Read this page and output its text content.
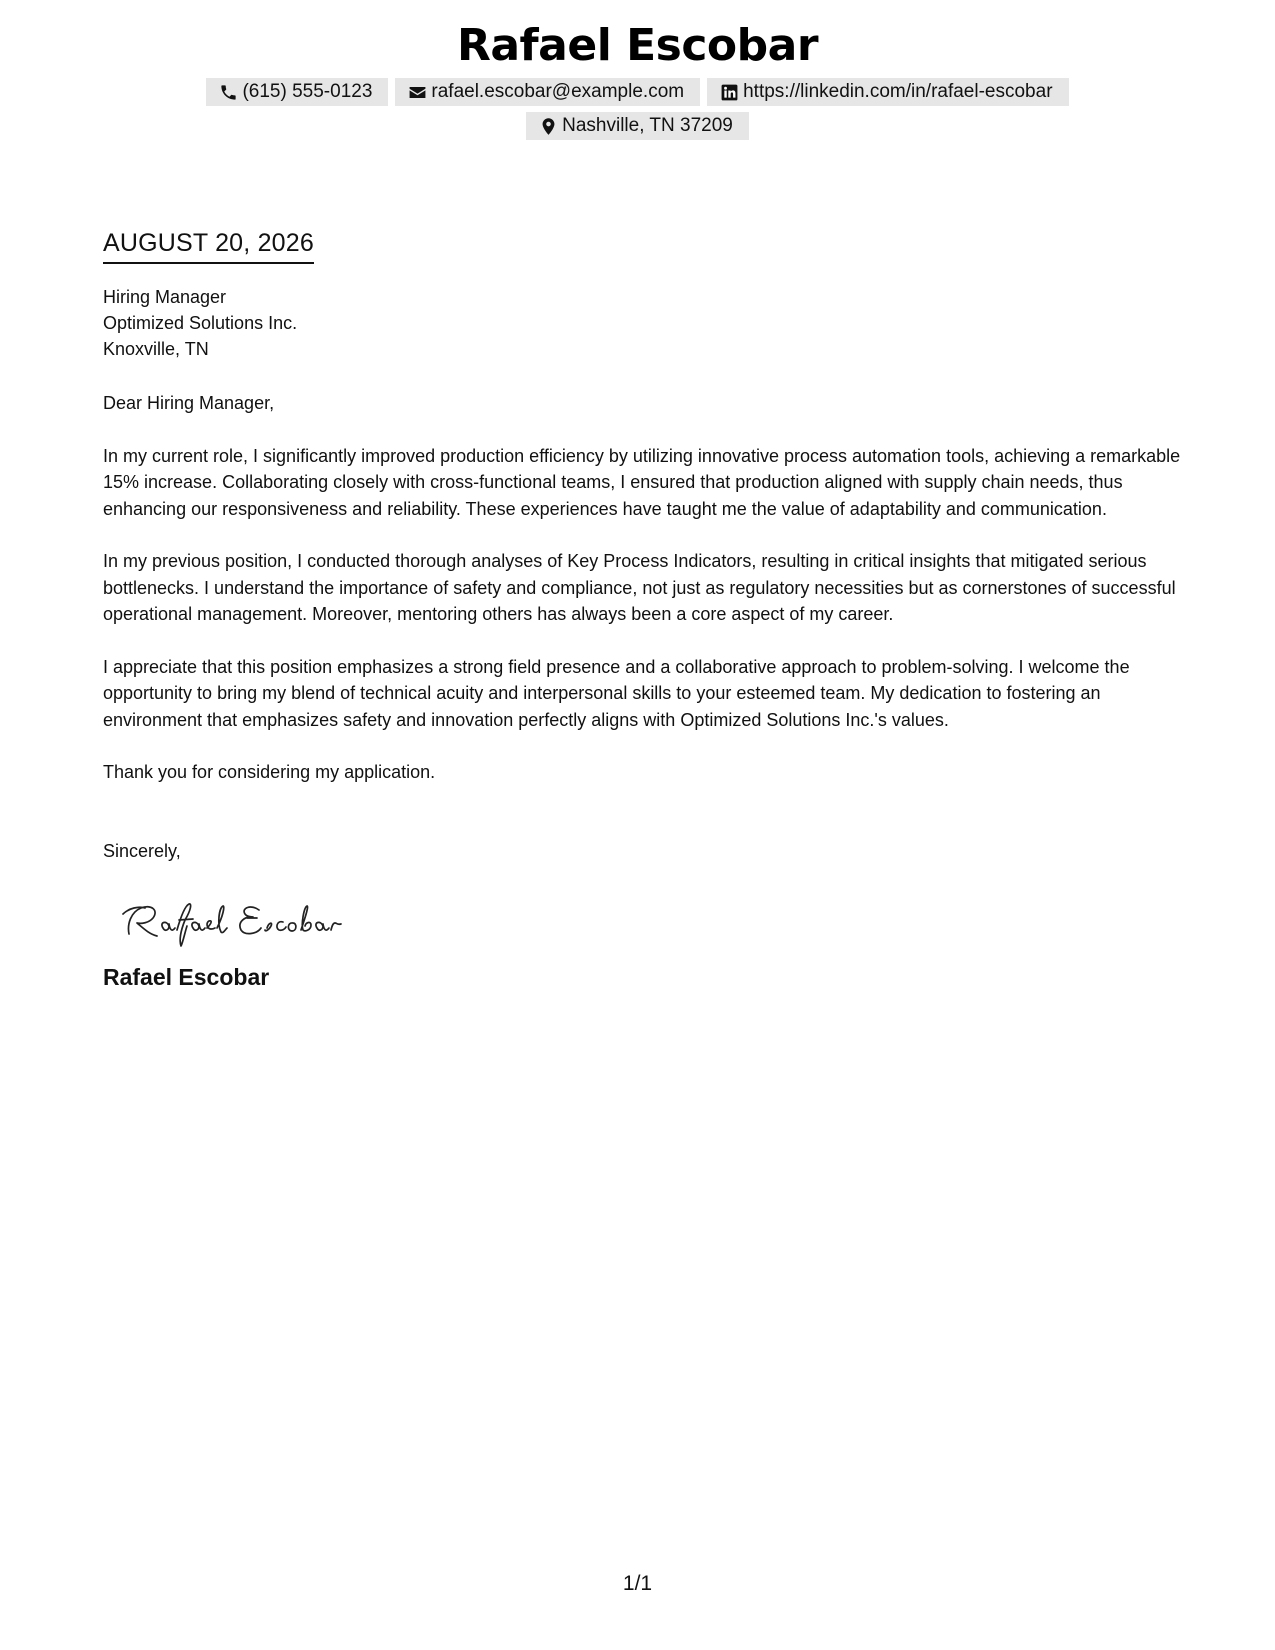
Rafael Escobar
(615) 555-0123	rafael.escobar@example.com	https://linkedin.com/in/rafael-escobar
Nashville, TN 37209
AUGUST 20, 2026
Hiring Manager
Optimized Solutions Inc.
Knoxville, TN
Dear Hiring Manager,
In my current role, I significantly improved production efficiency by utilizing innovative process automation tools, achieving a remarkable 15% increase. Collaborating closely with cross-functional teams, I ensured that production aligned with supply chain needs, thus enhancing our responsiveness and reliability. These experiences have taught me the value of adaptability and communication.
In my previous position, I conducted thorough analyses of Key Process Indicators, resulting in critical insights that mitigated serious bottlenecks. I understand the importance of safety and compliance, not just as regulatory necessities but as cornerstones of successful operational management. Moreover, mentoring others has always been a core aspect of my career.
I appreciate that this position emphasizes a strong field presence and a collaborative approach to problem-solving. I welcome the opportunity to bring my blend of technical acuity and interpersonal skills to your esteemed team. My dedication to fostering an environment that emphasizes safety and innovation perfectly aligns with Optimized Solutions Inc.'s values.
Thank you for considering my application.
Sincerely,
Rafael Escobar
1/1
